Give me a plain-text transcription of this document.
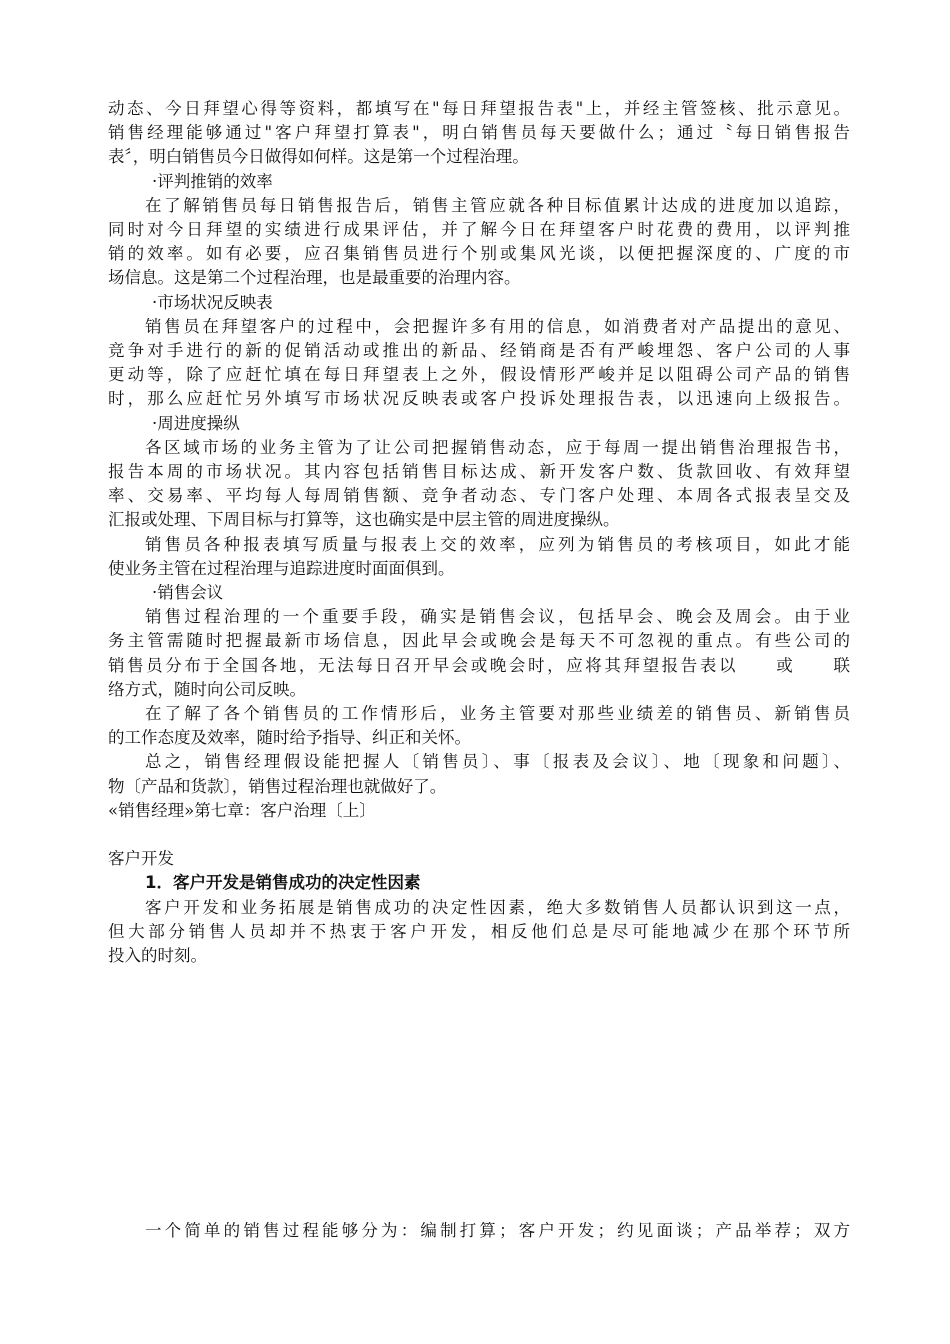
动态、今日拜望心得等资料，都填写在"每日拜望报告表"上，并经主管签核、批示意见。
销售经理能够通过"客户拜望打算表"，明白销售员每天要做什么；通过〝每日销售报告
表〞，明白销售员今日做得如何样。这是第一个过程治理。
·评判推销的效率
在了解销售员每日销售报告后，销售主管应就各种目标值累计达成的进度加以追踪，
同时对今日拜望的实绩进行成果评估，并了解今日在拜望客户时花费的费用，以评判推
销的效率。如有必要，应召集销售员进行个别或集风光谈，以便把握深度的、广度的市
场信息。这是第二个过程治理，也是最重要的治理内容。
·市场状况反映表
销售员在拜望客户的过程中，会把握许多有用的信息，如消费者对产品提出的意见、
竞争对手进行的新的促销活动或推出的新品、经销商是否有严峻埋怨、客户公司的人事
更动等，除了应赶忙填在每日拜望表上之外，假设情形严峻并足以阻碍公司产品的销售
时，那么应赶忙另外填写市场状况反映表或客户投诉处理报告表，以迅速向上级报告。
·周进度操纵
各区域市场的业务主管为了让公司把握销售动态，应于每周一提出销售治理报告书，
报告本周的市场状况。其内容包括销售目标达成、新开发客户数、货款回收、有效拜望
率、交易率、平均每人每周销售额、竞争者动态、专门客户处理、本周各式报表呈交及
汇报或处理、下周目标与打算等，这也确实是中层主管的周进度操纵。
销售员各种报表填写质量与报表上交的效率，应列为销售员的考核项目，如此才能
使业务主管在过程治理与追踪进度时面面俱到。
·销售会议
销售过程治理的一个重要手段，确实是销售会议，包括早会、晚会及周会。由于业
务主管需随时把握最新市场信息，因此早会或晚会是每天不可忽视的重点。有些公司的
销售员分布于全国各地，无法每日召开早会或晚会时，应将其拜望报告表以　　或　　联
络方式，随时向公司反映。
在了解了各个销售员的工作情形后，业务主管要对那些业绩差的销售员、新销售员
的工作态度及效率，随时给予指导、纠正和关怀。
总之，销售经理假设能把握人〔销售员〕、事〔报表及会议〕、地〔现象和问题〕、
物〔产品和货款〕，销售过程治理也就做好了。
«销售经理»第七章：客户治理〔上〕
客户开发
1．客户开发是销售成功的决定性因素
客户开发和业务拓展是销售成功的决定性因素，绝大多数销售人员都认识到这一点，
但大部分销售人员却并不热衷于客户开发，相反他们总是尽可能地减少在那个环节所
投入的时刻。
一个简单的销售过程能够分为：编制打算；客户开发；约见面谈；产品举荐；双方
